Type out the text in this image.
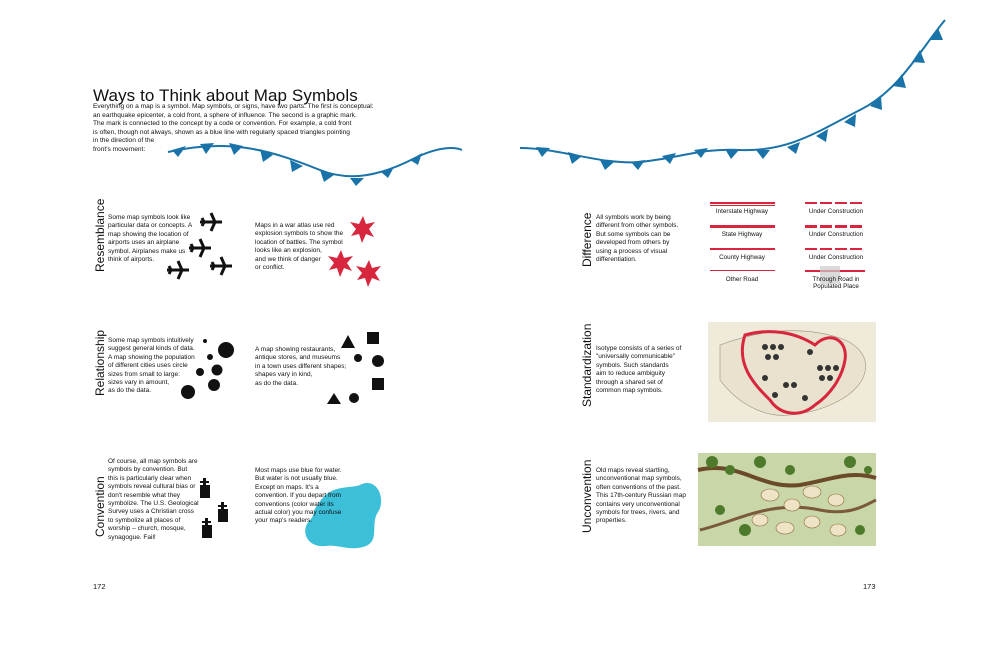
Ways to Think about Map Symbols
Everything on a map is a symbol. Map symbols, or signs, have two parts. The first is conceptual:
an earthquake epicenter, a cold front, a sphere of influence. The second is a graphic mark.
The mark is connected to the concept by a code or convention. For example, a cold front
is often, though not always, shown as a blue line with regularly spaced triangles pointing
in the direction of the
front's movement:
Resemblance Some map symbols look like
particular data or concepts. A
map showing the location of
airports uses an airplane
symbol. Airplanes make us
think of airports.
Maps in a war atlas use red
explosion symbols to show the
location of battles. The symbol
looks like an explosion,
and we think of danger
or conflict.
Relationship Some map symbols intuitively
suggest general kinds of data.
A map showing the population
of different cities uses circle
sizes from small to large:
sizes vary in amount,
as do the data.
A map showing restaurants,
antique stores, and museums
in a town uses different shapes;
shapes vary in kind,
as do the data.
Convention
Of course, all map symbols are
symbols by convention. But
this is particularly clear when
symbols reveal cultural bias or
don't resemble what they
symbolize. The U.S. Geological
Survey uses a Christian cross
to symbolize all places of
worship – church, mosque,
synagogue. Fail!
Most maps use blue for water.
But water is not usually blue.
Except on maps. It's a
convention. If you depart from
conventions (color water its
actual color) you may confuse
your map's readers.
Difference All symbols work by being
different from other symbols.
But some symbols can be
developed from others by
using a process of visual
differentiation.
Interstate Highway	Under Construction
State Highway	Under Construction
County Highway	Under Construction
Other Road	Through Road in
Populated Place
Standardization Isotype consists of a series of
"universally communicable"
symbols. Such standards
aim to reduce ambiguity
through a shared set of
common map symbols.
Unconvention Old maps reveal startling,
unconventional map symbols,
often conventions of the past.
This 17th-century Russian map
contains very unconventional
symbols for trees, rivers, and
properties.
172	173
